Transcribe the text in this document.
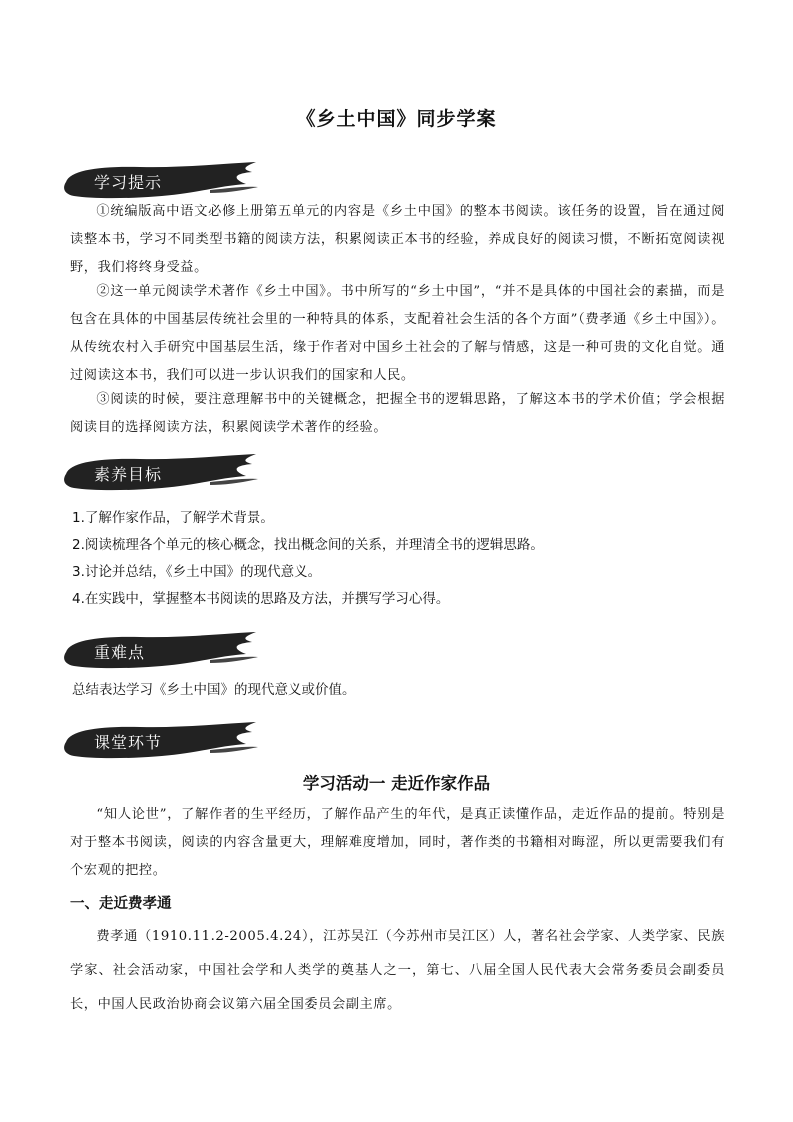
《乡土中国》同步学案
学习提示

①统编版高中语文必修上册第五单元的内容是《乡土中国》的整本书阅读。该任务的设置，旨在通过阅读整本书，学习不同类型书籍的阅读方法，积累阅读正本书的经验，养成良好的阅读习惯，不断拓宽阅读视野，我们将终身受益。

②这一单元阅读学术著作《乡土中国》。书中所写的“乡土中国”，“并不是具体的中国社会的素描，而是包含在具体的中国基层传统社会里的一种特具的体系，支配着社会生活的各个方面”（费孝通《乡土中国》）。从传统农村入手研究中国基层生活，缘于作者对中国乡土社会的了解与情感，这是一种可贵的文化自觉。通过阅读这本书，我们可以进一步认识我们的国家和人民。

③阅读的时候，要注意理解书中的关键概念，把握全书的逻辑思路，了解这本书的学术价值；学会根据阅读目的选择阅读方法，积累阅读学术著作的经验。

素养目标

1.了解作家作品，了解学术背景。

2.阅读梳理各个单元的核心概念，找出概念间的关系，并理清全书的逻辑思路。

3.讨论并总结，《乡土中国》的现代意义。

4.在实践中，掌握整本书阅读的思路及方法，并撰写学习心得。

重难点

总结表达学习《乡土中国》的现代意义或价值。

课堂环节
学习活动一 走近作家作品

“知人论世”，了解作者的生平经历，了解作品产生的年代，是真正读懂作品，走近作品的提前。特别是对于整本书阅读，阅读的内容含量更大，理解难度增加，同时，著作类的书籍相对晦涩，所以更需要我们有个宏观的把控。

一、走近费孝通

费孝通（1910.11.2-2005.4.24），江苏吴江（今苏州市吴江区）人，著名社会学家、人类学家、民族学家、社会活动家，中国社会学和人类学的奠基人之一，第七、八届全国人民代表大会常务委员会副委员长，中国人民政治协商会议第六届全国委员会副主席。
